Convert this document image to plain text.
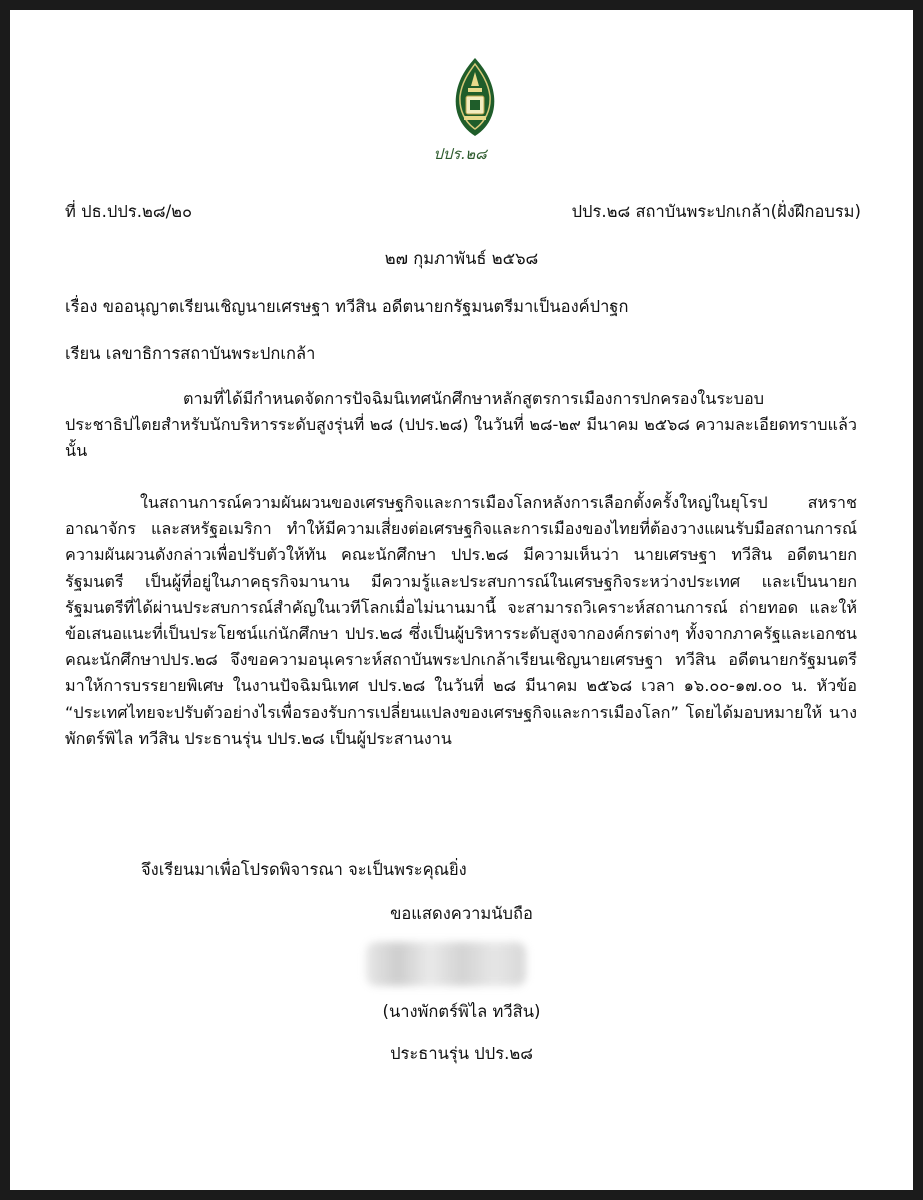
ปปร.๒๘
ที่ ปธ.ปปร.๒๘/๒๐	ปปร.๒๘ สถาบันพระปกเกล้า(ฝั่งฝึกอบรม)
๒๗ กุมภาพันธ์ ๒๕๖๘
เรื่อง ขออนุญาตเรียนเชิญนายเศรษฐา ทวีสิน อดีตนายกรัฐมนตรีมาเป็นองค์ปาฐก
เรียน เลขาธิการสถาบันพระปกเกล้า
ตามที่ได้มีกำหนดจัดการปัจฉิมนิเทศนักศึกษาหลักสูตรการเมืองการปกครองในระบอบประชาธิปไตยสำหรับนักบริหารระดับสูงรุ่นที่ ๒๘ (ปปร.๒๘) ในวันที่ ๒๘-๒๙ มีนาคม ๒๕๖๘ ความละเอียดทราบแล้วนั้น
ในสถานการณ์ความผันผวนของเศรษฐกิจและการเมืองโลกหลังการเลือกตั้งครั้งใหญ่ในยุโรป สหราชอาณาจักร และสหรัฐอเมริกา ทำให้มีความเสี่ยงต่อเศรษฐกิจและการเมืองของไทยที่ต้องวางแผนรับมือสถานการณ์ความผันผวนดังกล่าวเพื่อปรับตัวให้ทัน คณะนักศึกษา ปปร.๒๘ มีความเห็นว่า นายเศรษฐา ทวีสิน อดีตนายกรัฐมนตรี เป็นผู้ที่อยู่ในภาคธุรกิจมานาน มีความรู้และประสบการณ์ในเศรษฐกิจระหว่างประเทศ และเป็นนายกรัฐมนตรีที่ได้ผ่านประสบการณ์สำคัญในเวทีโลกเมื่อไม่นานมานี้ จะสามารถวิเคราะห์สถานการณ์ ถ่ายทอด และให้ข้อเสนอแนะที่เป็นประโยชน์แก่นักศึกษา ปปร.๒๘ ซึ่งเป็นผู้บริหารระดับสูงจากองค์กรต่างๆ ทั้งจากภาครัฐและเอกชน คณะนักศึกษาปปร.๒๘ จึงขอความอนุเคราะห์สถาบันพระปกเกล้าเรียนเชิญนายเศรษฐา ทวีสิน อดีตนายกรัฐมนตรี มาให้การบรรยายพิเศษ ในงานปัจฉิมนิเทศ ปปร.๒๘ ในวันที่ ๒๘ มีนาคม ๒๕๖๘ เวลา ๑๖.๐๐-๑๗.๐๐ น. หัวข้อ “ประเทศไทยจะปรับตัวอย่างไรเพื่อรองรับการเปลี่ยนแปลงของเศรษฐกิจและการเมืองโลก” โดยได้มอบหมายให้ นางพักตร์พิไล ทวีสิน ประธานรุ่น ปปร.๒๘ เป็นผู้ประสานงาน
จึงเรียนมาเพื่อโปรดพิจารณา จะเป็นพระคุณยิ่ง
ขอแสดงความนับถือ
(นางพักตร์พิไล ทวีสิน)
ประธานรุ่น ปปร.๒๘
